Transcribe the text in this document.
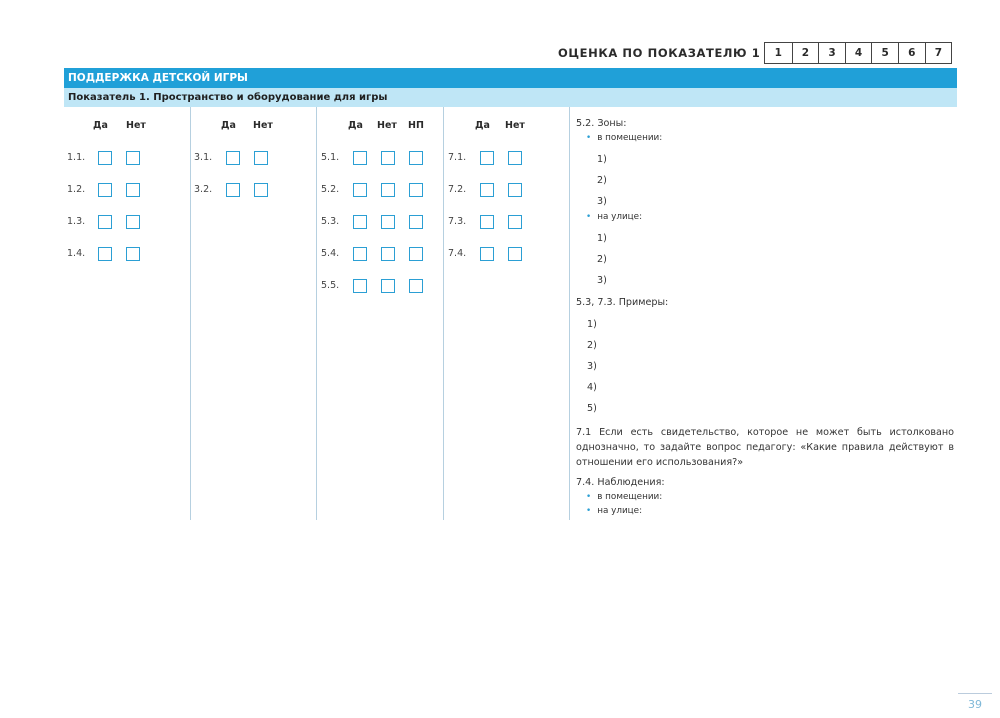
ОЦЕНКА ПО ПОКАЗАТЕЛЮ 1	1	2	3	4	5	6	7
ПОДДЕРЖКА ДЕТСКОЙ ИГРЫ
Показатель 1. Пространство и оборудование для игры
Да Нет
1.1.
1.2.
1.3.
1.4.
Да Нет
3.1.
3.2.
Да Нет НП
5.1.
5.2.
5.3.
5.4.
5.5.
Да Нет
7.1.
7.2.
7.3.
7.4.
5.2. Зоны:
• в помещении:
1)
2)
3)
• на улице:
1)
2)
3)
5.3, 7.3. Примеры:
1)
2)
3)
4)
5)
7.1 Если есть свидетельство, которое не может быть истолковано однозначно, то задайте вопрос педагогу: «Какие правила действуют в отношении его использования?»
7.4. Наблюдения:
• в помещении:
• на улице:
39
